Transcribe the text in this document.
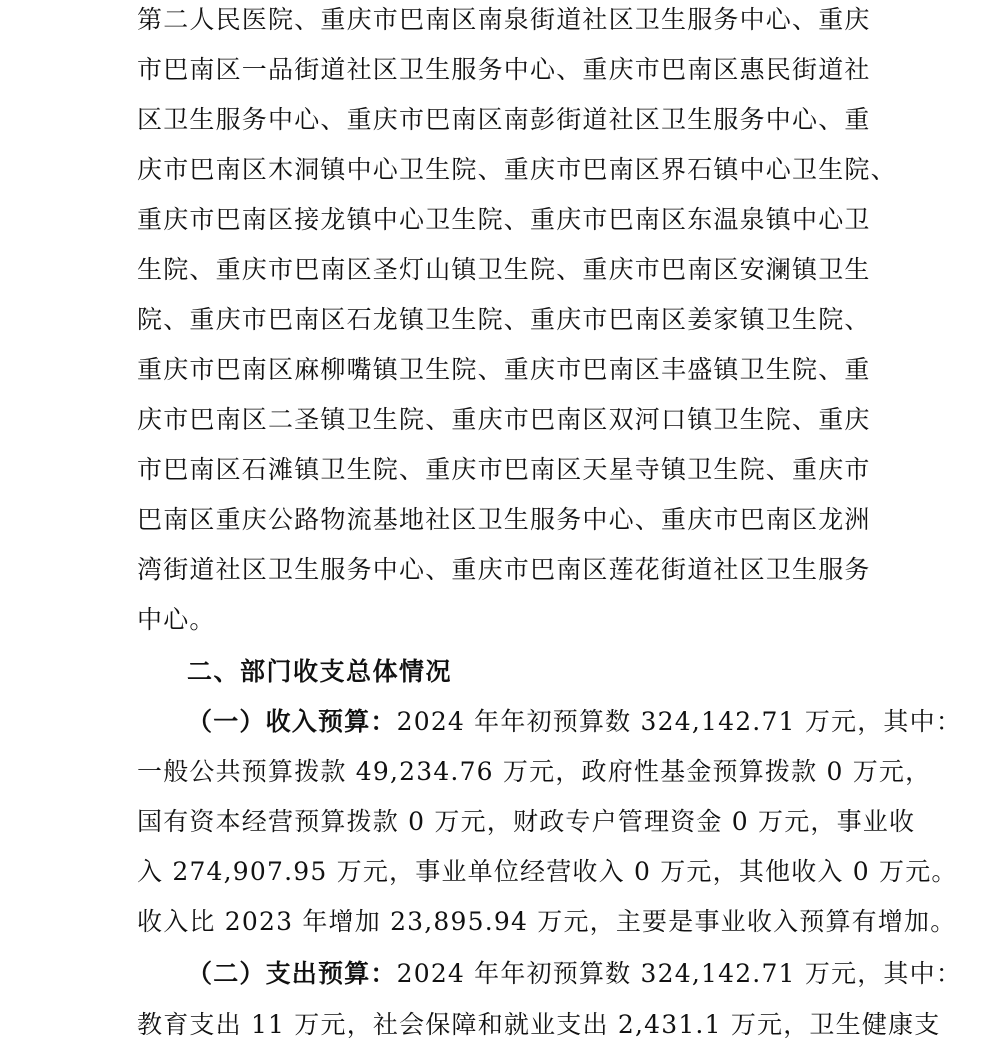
第二人民医院、重庆市巴南区南泉街道社区卫生服务中心、重庆
市巴南区一品街道社区卫生服务中心、重庆市巴南区惠民街道社
区卫生服务中心、重庆市巴南区南彭街道社区卫生服务中心、重
庆市巴南区木洞镇中心卫生院、重庆市巴南区界石镇中心卫生院、
重庆市巴南区接龙镇中心卫生院、重庆市巴南区东温泉镇中心卫
生院、重庆市巴南区圣灯山镇卫生院、重庆市巴南区安澜镇卫生
院、重庆市巴南区石龙镇卫生院、重庆市巴南区姜家镇卫生院、
重庆市巴南区麻柳嘴镇卫生院、重庆市巴南区丰盛镇卫生院、重
庆市巴南区二圣镇卫生院、重庆市巴南区双河口镇卫生院、重庆
市巴南区石滩镇卫生院、重庆市巴南区天星寺镇卫生院、重庆市
巴南区重庆公路物流基地社区卫生服务中心、重庆市巴南区龙洲
湾街道社区卫生服务中心、重庆市巴南区莲花街道社区卫生服务
中心。
二、部门收支总体情况
（一）收入预算：2024 年年初预算数 324,142.71 万元，其中：
一般公共预算拨款 49,234.76 万元，政府性基金预算拨款 0 万元，
国有资本经营预算拨款 0 万元，财政专户管理资金 0 万元，事业收
入 274,907.95 万元，事业单位经营收入 0 万元，其他收入 0 万元。
收入比 2023 年增加 23,895.94 万元，主要是事业收入预算有增加。
（二）支出预算：2024 年年初预算数 324,142.71 万元，其中：
教育支出 11 万元，社会保障和就业支出 2,431.1 万元，卫生健康支
